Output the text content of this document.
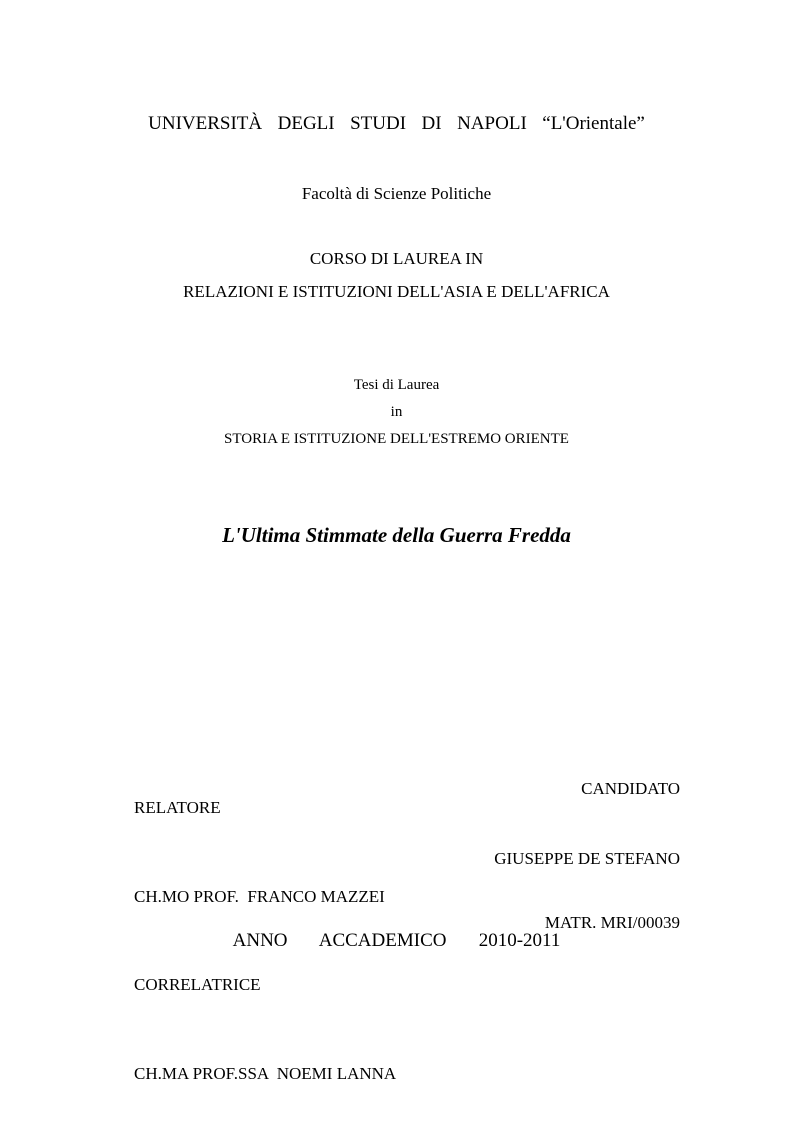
UNIVERSITÀ  DEGLI  STUDI  DI  NAPOLI  “L'Orientale”
Facoltà di Scienze Politiche
CORSO DI LAUREA IN
RELAZIONI E ISTITUZIONI DELL'ASIA E DELL'AFRICA
Tesi di Laurea
in
STORIA E ISTITUZIONE DELL'ESTREMO ORIENTE
L'Ultima Stimmate della Guerra Fredda

RELATORE

CH.MO PROF.  FRANCO MAZZEI

CORRELATRICE

CH.MA PROF.SSA  NOEMI LANNA

CANDIDATO

GIUSEPPE DE STEFANO

MATR. MRI/00039

ANNO   ACCADEMICO   2010-2011
